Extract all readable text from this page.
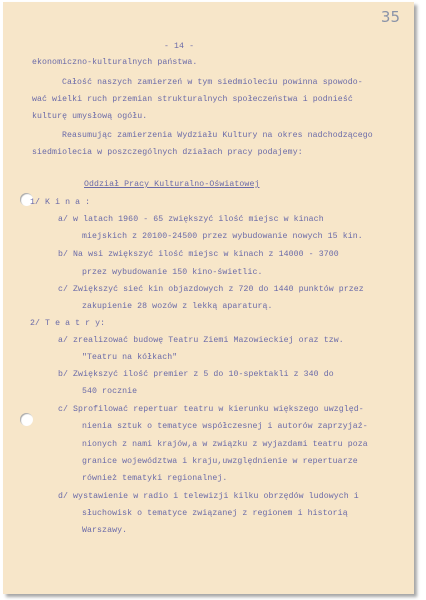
35
- 14 -
ekonomiczno-kulturalnych państwa.
Całość naszych zamierzeń w tym siedmioleciu powinna spowodo-
wać wielki ruch przemian strukturalnych społeczeństwa i podnieść
kulturę umysłową ogółu.
Reasumując zamierzenia Wydziału Kultury na okres nadchodzącego
siedmiolecia w poszczególnych działach pracy podajemy:
Oddział Pracy Kulturalno-Oświatowej
1/ K i n a :
a/ w latach 1960 - 65 zwiększyć ilość miejsc w kinach
miejskich z 20100-24500 przez wybudowanie nowych 15 kin.
b/ Na wsi zwiększyć ilość miejsc w kinach z 14000 - 3700
przez wybudowanie 150 kino-świetlic.
c/ Zwiększyć sieć kin objazdowych z 720 do 1440 punktów przez
zakupienie 28 wozów z lekką aparaturą.
2/ T e a t r y:
a/ zrealizować budowę Teatru Ziemi Mazowieckiej oraz tzw.
"Teatru na kółkach"
b/ Zwiększyć ilość premier z 5 do 10-spektakli z 340 do
540 rocznie
c/ Sprofilować repertuar teatru w kierunku większego uwzględ-
nienia sztuk o tematyce współczesnej i autorów zaprzyjaź-
nionych z nami krajów,a w związku z wyjazdami teatru poza
granice województwa i kraju,uwzględnienie w repertuarze
również tematyki regionalnej.
d/ wystawienie w radio i telewizji kilku obrzędów ludowych i
słuchowisk o tematyce związanej z regionem i historią
Warszawy.
